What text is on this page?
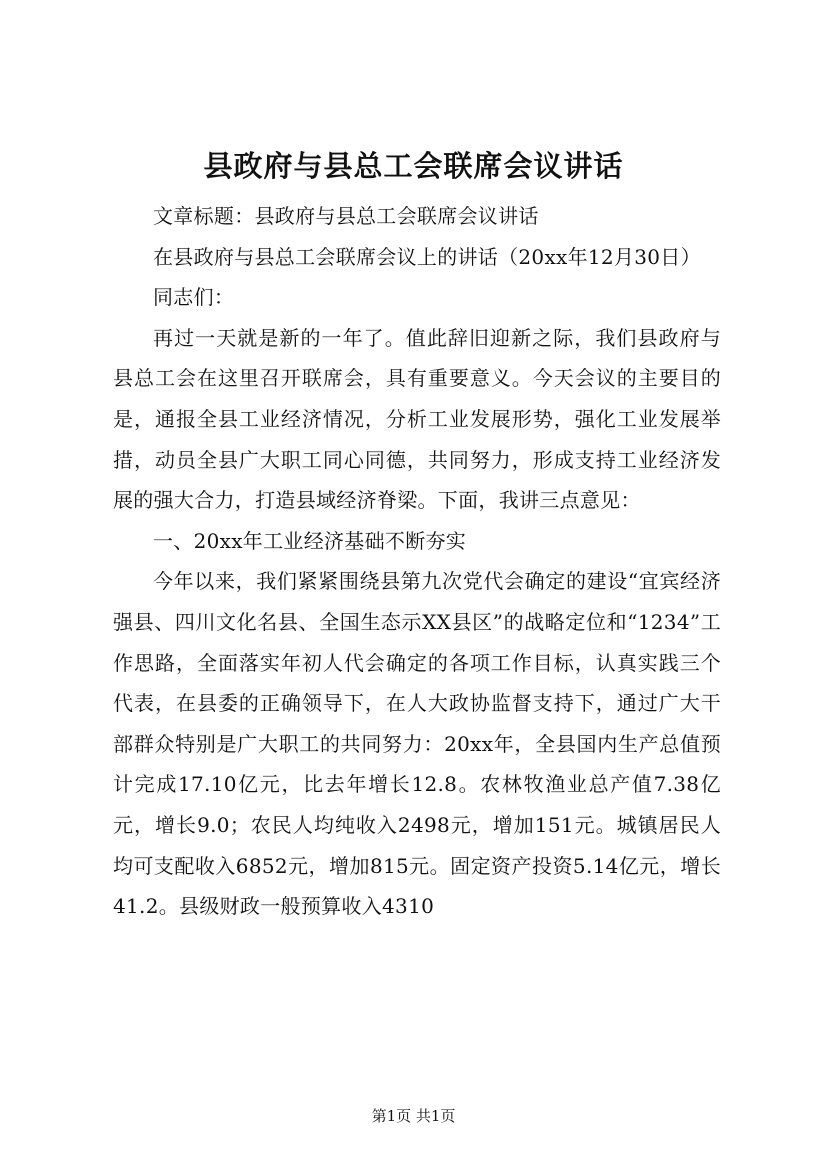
县政府与县总工会联席会议讲话

文章标题：县政府与县总工会联席会议讲话

在县政府与县总工会联席会议上的讲话（20xx年12月30日）

同志们：

再过一天就是新的一年了。值此辞旧迎新之际，我们县政府与县总工会在这里召开联席会，具有重要意义。今天会议的主要目的是，通报全县工业经济情况，分析工业发展形势，强化工业发展举措，动员全县广大职工同心同德，共同努力，形成支持工业经济发展的强大合力，打造县域经济脊梁。下面，我讲三点意见：

一、20xx年工业经济基础不断夯实

今年以来，我们紧紧围绕县第九次党代会确定的建设“宜宾经济强县、四川文化名县、全国生态示XX县区”的战略定位和“1234”工作思路，全面落实年初人代会确定的各项工作目标，认真实践三个代表，在县委的正确领导下，在人大政协监督支持下，通过广大干部群众特别是广大职工的共同努力：20xx年，全县国内生产总值预计完成17.10亿元，比去年增长12.8。农林牧渔业总产值7.38亿元，增长9.0；农民人均纯收入2498元，增加151元。城镇居民人均可支配收入6852元，增加815元。固定资产投资5.14亿元，增长41.2。县级财政一般预算收入4310

第1页 共1页
